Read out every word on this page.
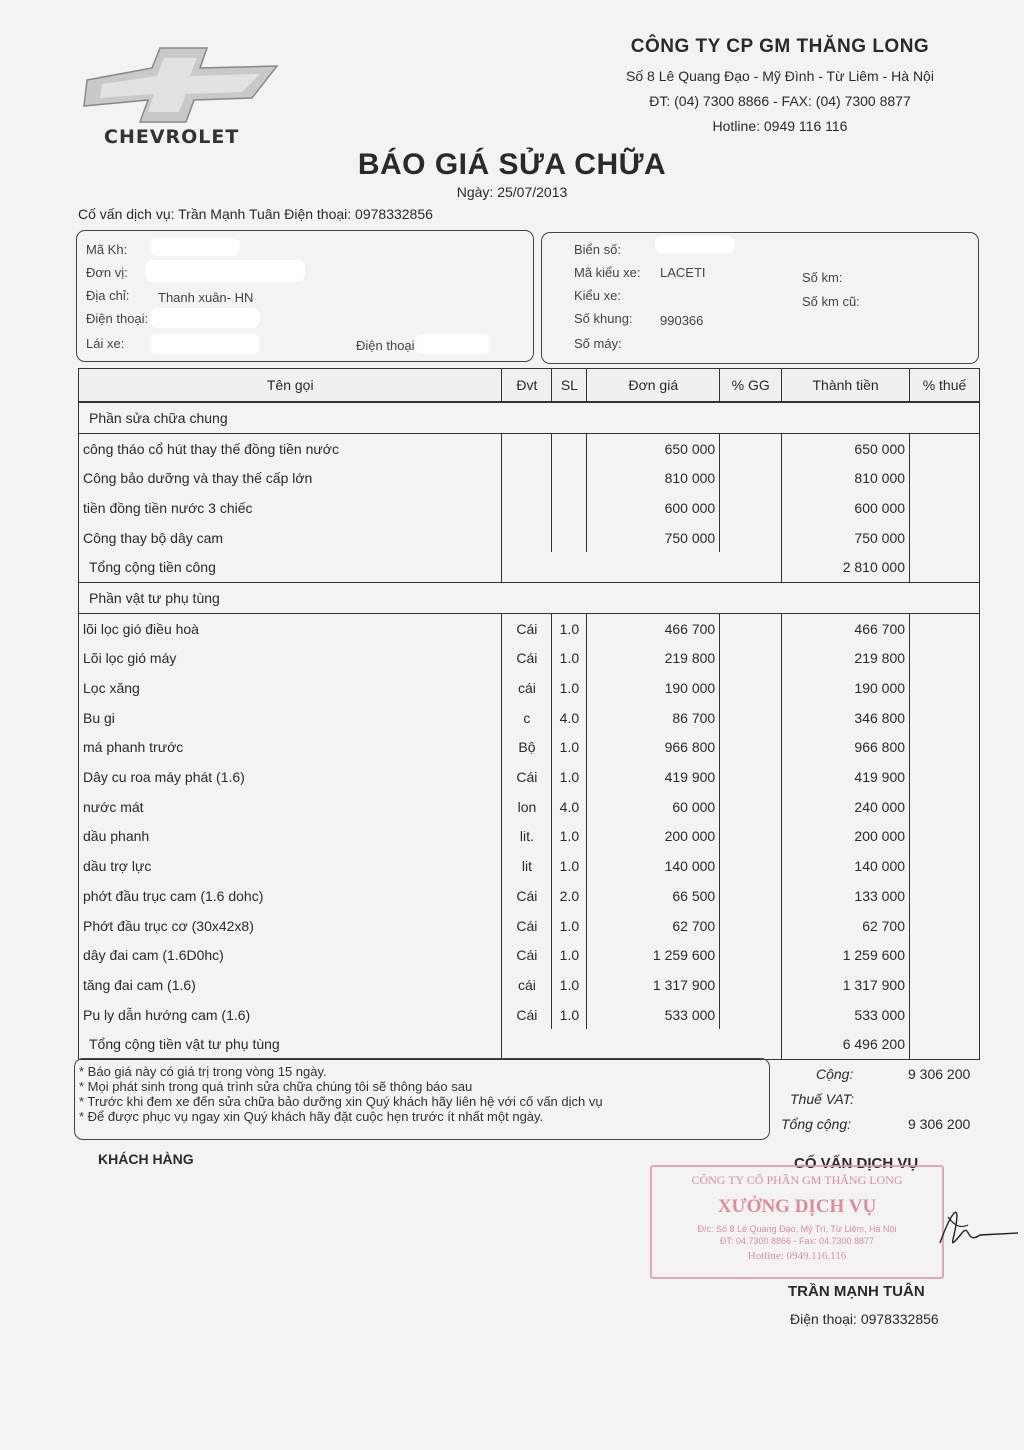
CHEVROLET
CÔNG TY CP GM THĂNG LONG
Số 8 Lê Quang Đạo - Mỹ Đình - Từ Liêm - Hà Nội
ĐT: (04) 7300 8866 - FAX: (04) 7300 8877
Hotline: 0949 116 116
BÁO GIÁ SỬA CHỮA
Ngày: 25/07/2013
Cố vấn dịch vụ: Trần Mạnh Tuân Điện thoại: 0978332856
Mã Kh:
Đơn vị:
Địa chỉ: Thanh xuân- HN
Điện thoại:
Lái xe:	Điện thoại
Biển số:
Mã kiểu xe: LACETI
Kiểu xe:
Số khung: 990366
Số máy:
Số km:
Số km cũ:
Tên gọi	Đvt	SL	Đơn giá	% GG	Thành tiền	% thuế
Phần sửa chữa chung						
công tháo cổ hút thay thế đồng tiền nước			650 000		650 000	
Công bảo dưỡng và thay thế cấp lớn			810 000		810 000	
tiền đồng tiền nước 3 chiếc			600 000		600 000	
Công thay bộ dây cam			750 000		750 000	
Tổng cộng tiền công					2 810 000	
Phần vật tư phụ tùng						
lõi lọc gió điều hoà	Cái	1.0	466 700		466 700	
Lõi lọc gió máy	Cái	1.0	219 800		219 800	
Lọc xăng	cái	1.0	190 000		190 000	
Bu gi	c	4.0	86 700		346 800	
má phanh trước	Bộ	1.0	966 800		966 800	
Dây cu roa máy phát (1.6)	Cái	1.0	419 900		419 900	
nước mát	lon	4.0	60 000		240 000	
dầu phanh	lit.	1.0	200 000		200 000	
dầu trợ lực	lit	1.0	140 000		140 000	
phớt đầu trục cam (1.6 dohc)	Cái	2.0	66 500		133 000	
Phớt đầu trục cơ (30x42x8)	Cái	1.0	62 700		62 700	
dây đai cam (1.6D0hc)	Cái	1.0	1 259 600		1 259 600	
tăng đai cam (1.6)	cái	1.0	1 317 900		1 317 900	
Pu ly dẫn hướng cam (1.6)	Cái	1.0	533 000		533 000	
Tổng cộng tiền vật tư phụ tùng					6 496 200	
* Báo giá này có giá trị trong vòng 15 ngày.
* Mọi phát sinh trong quá trình sửa chữa chúng tôi sẽ thông báo sau
* Trước khi đem xe đến sửa chữa bảo dưỡng xin Quý khách hãy liên hệ với cố vấn dịch vụ
* Để được phục vụ ngay xin Quý khách hãy đặt cuộc hẹn trước ít nhất một ngày.
Cộng:	9 306 200
Thuế VAT:
Tổng cộng:	9 306 200
KHÁCH HÀNG	CỐ VẤN DỊCH VỤ
CÔNG TY CỔ PHẦN GM THĂNG LONG
XƯỞNG DỊCH VỤ
Đ/c: Số 8 Lê Quang Đạo, Mỹ Trì, Từ Liêm, Hà Nội
ĐT: 04.7300 8866 - Fax: 04.7300 8877
Hotline: 0949.116.116
TRẦN MẠNH TUÂN
Điện thoại: 0978332856
